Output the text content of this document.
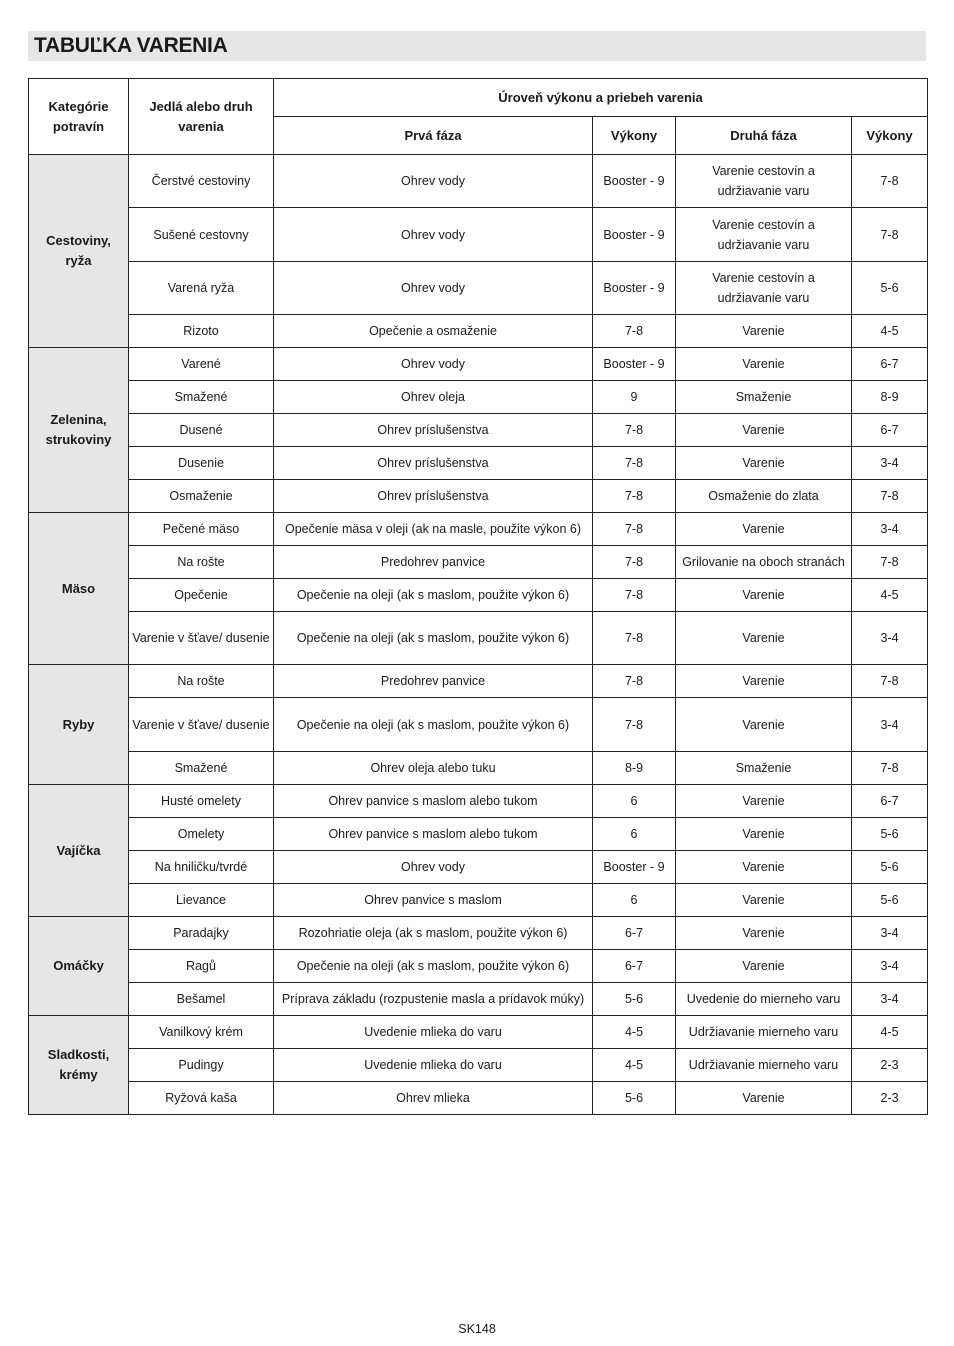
TABUĽKA VARENIA
Kategórie potravín	Jedlá alebo druh varenia	Úroveň výkonu a priebeh varenia			
		Prvá fáza	Výkony	Druhá fáza	Výkony
Cestoviny, ryža	Čerstvé cestoviny	Ohrev vody	Booster - 9	Varenie cestovín a udržiavanie varu	7-8
	Sušené cestovny	Ohrev vody	Booster - 9	Varenie cestovín a udržiavanie varu	7-8
	Varená ryža	Ohrev vody	Booster - 9	Varenie cestovín a udržiavanie varu	5-6
	Rizoto	Opečenie a osmaženie	7-8	Varenie	4-5
Zelenina, strukoviny	Varené	Ohrev vody	Booster - 9	Varenie	6-7
	Smažené	Ohrev oleja	9	Smaženie	8-9
	Dusené	Ohrev príslušenstva	7-8	Varenie	6-7
	Dusenie	Ohrev príslušenstva	7-8	Varenie	3-4
	Osmaženie	Ohrev príslušenstva	7-8	Osmaženie do zlata	7-8
Mäso	Pečené mäso	Opečenie mäsa v oleji (ak na masle, použite výkon 6)	7-8	Varenie	3-4
	Na rošte	Predohrev panvice	7-8	Grilovanie na oboch stranách	7-8
	Opečenie	Opečenie na oleji (ak s maslom, použite výkon 6)	7-8	Varenie	4-5
	Varenie v šťave/ dusenie	Opečenie na oleji (ak s maslom, použite výkon 6)	7-8	Varenie	3-4
Ryby	Na rošte	Predohrev panvice	7-8	Varenie	7-8
	Varenie v šťave/ dusenie	Opečenie na oleji (ak s maslom, použite výkon 6)	7-8	Varenie	3-4
	Smažené	Ohrev oleja alebo tuku	8-9	Smaženie	7-8
Vajíčka	Husté omelety	Ohrev panvice s maslom alebo tukom	6	Varenie	6-7
	Omelety	Ohrev panvice s maslom alebo tukom	6	Varenie	5-6
	Na hniličku/tvrdé	Ohrev vody	Booster - 9	Varenie	5-6
	Lievance	Ohrev panvice s maslom	6	Varenie	5-6
Omáčky	Paradajky	Rozohriatie oleja (ak s maslom, použite výkon 6)	6-7	Varenie	3-4
	Ragů	Opečenie na oleji (ak s maslom, použite výkon 6)	6-7	Varenie	3-4
	Bešamel	Príprava základu (rozpustenie masla a prídavok múky)	5-6	Uvedenie do mierneho varu	3-4
Sladkosti, krémy	Vanilkový krém	Uvedenie mlieka do varu	4-5	Udržiavanie mierneho varu	4-5
	Pudingy	Uvedenie mlieka do varu	4-5	Udržiavanie mierneho varu	2-3
	Ryžová kaša	Ohrev mlieka	5-6	Varenie	2-3
SK148
